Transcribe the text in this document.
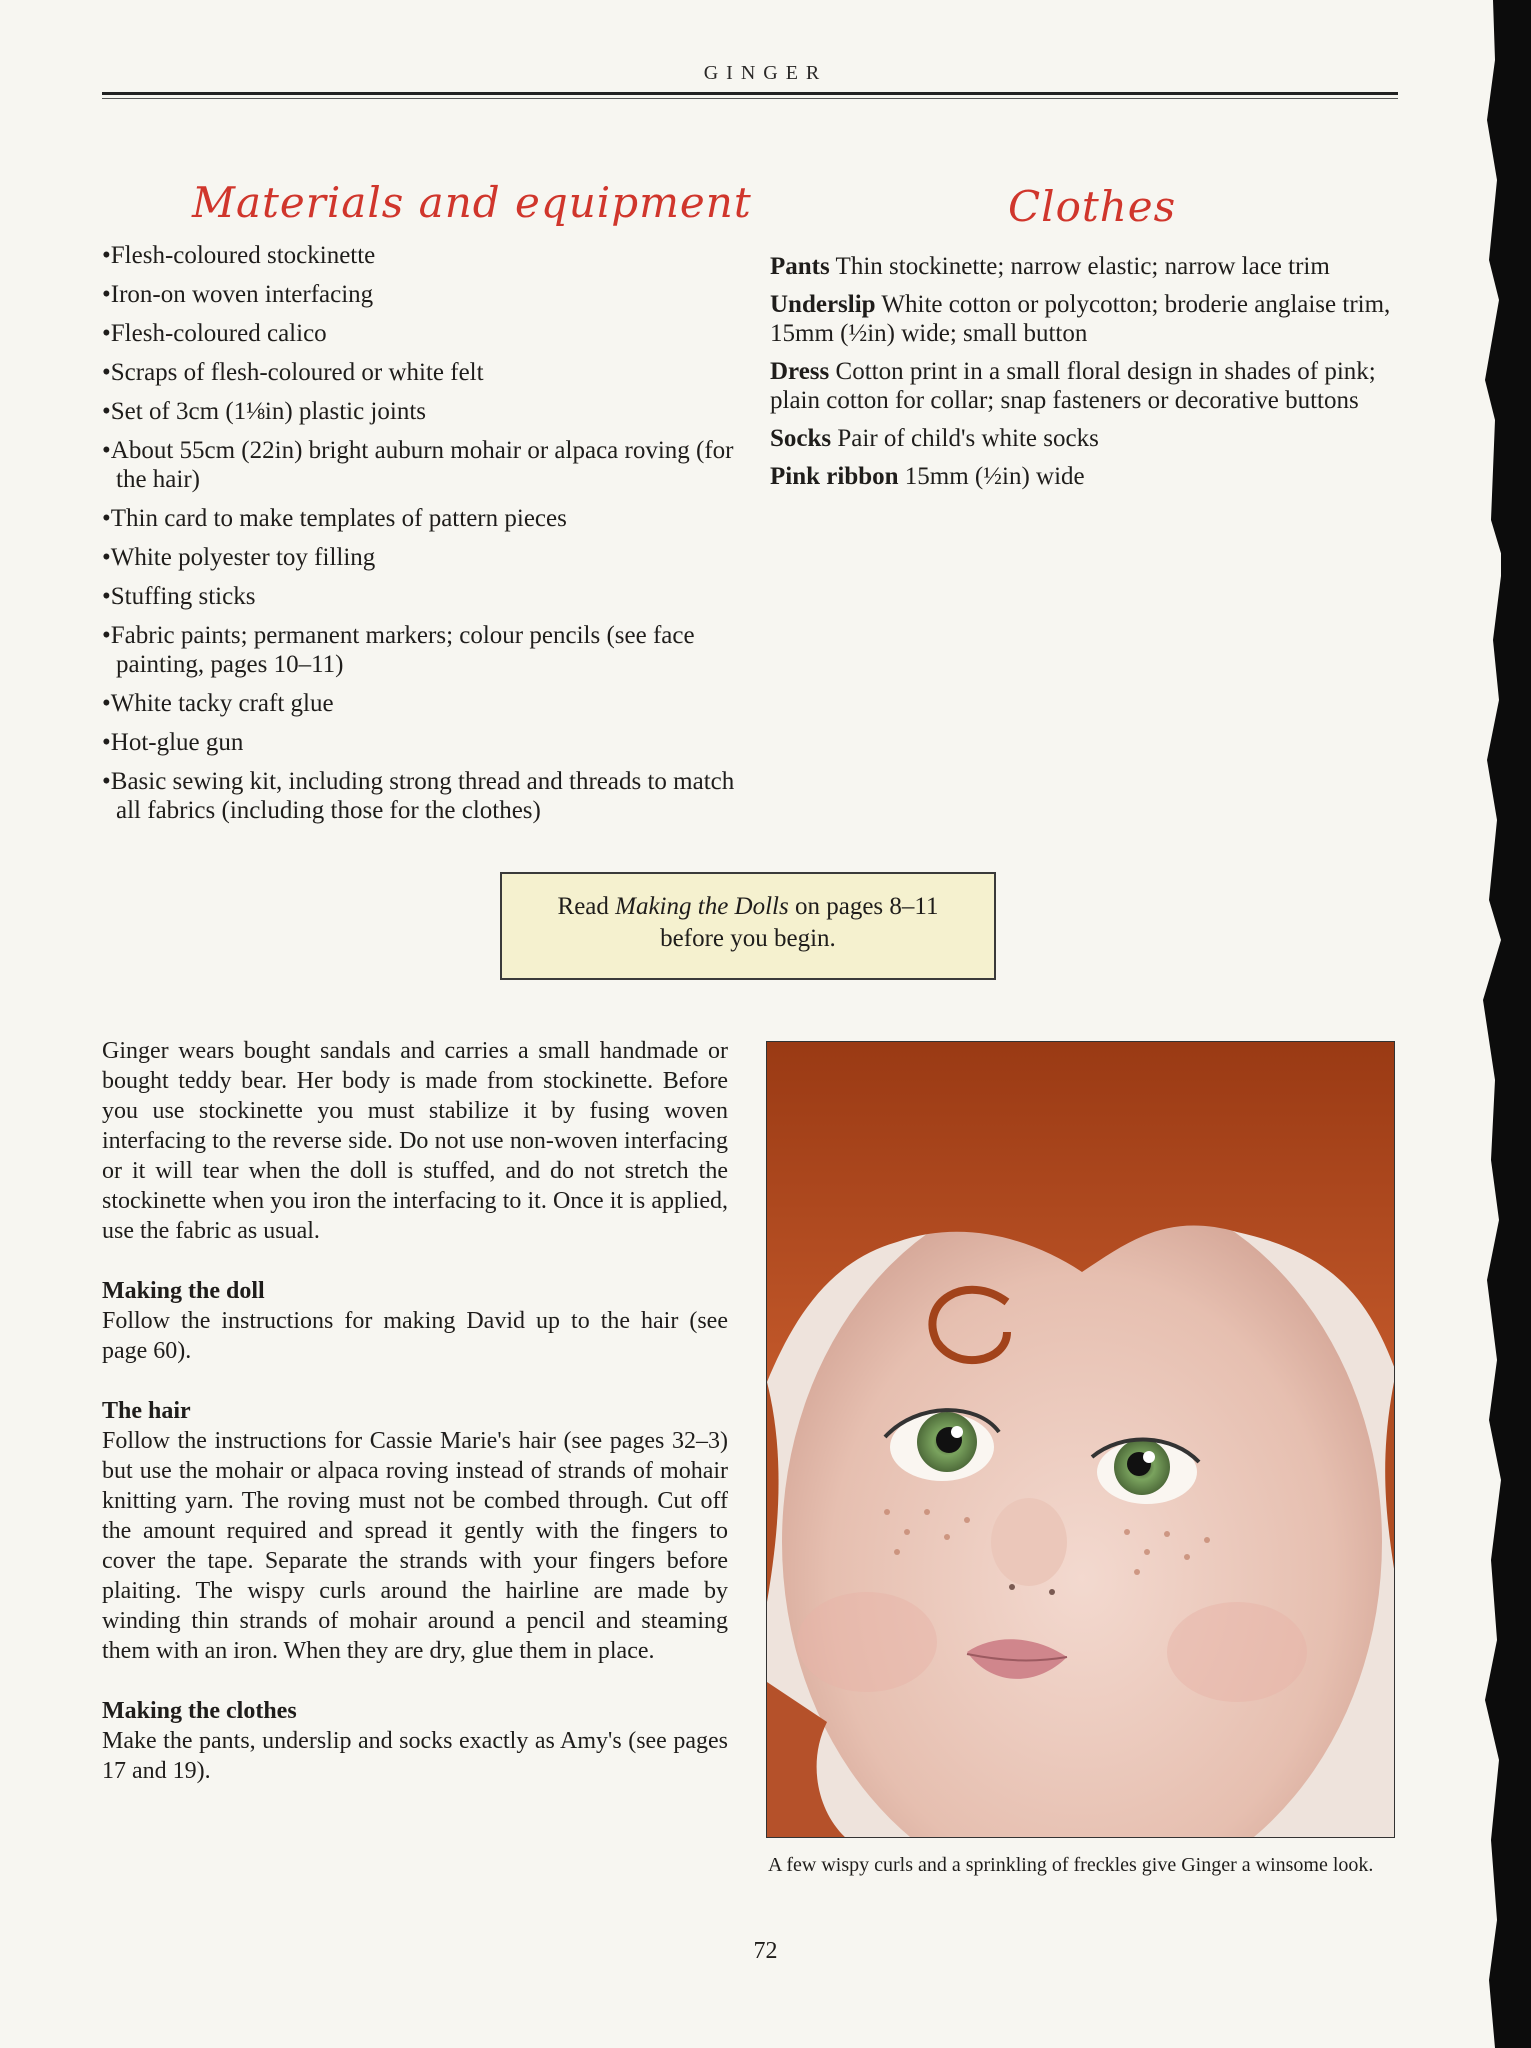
GINGER
Materials and equipment
• Flesh-coloured stockinette
• Iron-on woven interfacing
• Flesh-coloured calico
• Scraps of flesh-coloured or white felt
• Set of 3cm (1⅛in) plastic joints
• About 55cm (22in) bright auburn mohair or alpaca roving (for the hair)
• Thin card to make templates of pattern pieces
• White polyester toy filling
• Stuffing sticks
• Fabric paints; permanent markers; colour pencils (see face painting, pages 10–11)
• White tacky craft glue
• Hot-glue gun
• Basic sewing kit, including strong thread and threads to match all fabrics (including those for the clothes)
Clothes

Pants Thin stockinette; narrow elastic; narrow lace trim

Underslip White cotton or polycotton; broderie anglaise trim, 15mm (½in) wide; small button

Dress Cotton print in a small floral design in shades of pink; plain cotton for collar; snap fasteners or decorative buttons

Socks Pair of child's white socks

Pink ribbon 15mm (½in) wide

Read Making the Dolls on pages 8–11
before you begin.

Ginger wears bought sandals and carries a small handmade or bought teddy bear. Her body is made from stockinette. Before you use stockinette you must stabilize it by fusing woven interfacing to the reverse side. Do not use non-woven interfacing or it will tear when the doll is stuffed, and do not stretch the stockinette when you iron the interfacing to it. Once it is applied, use the fabric as usual.

Making the doll

Follow the instructions for making David up to the hair (see page 60).

The hair

Follow the instructions for Cassie Marie's hair (see pages 32–3) but use the mohair or alpaca roving instead of strands of mohair knitting yarn. The roving must not be combed through. Cut off the amount required and spread it gently with the fingers to cover the tape. Separate the strands with your fingers before plaiting. The wispy curls around the hairline are made by winding thin strands of mohair around a pencil and steaming them with an iron. When they are dry, glue them in place.

Making the clothes

Make the pants, underslip and socks exactly as Amy's (see pages 17 and 19).

A few wispy curls and a sprinkling of freckles give Ginger a winsome look.
72
